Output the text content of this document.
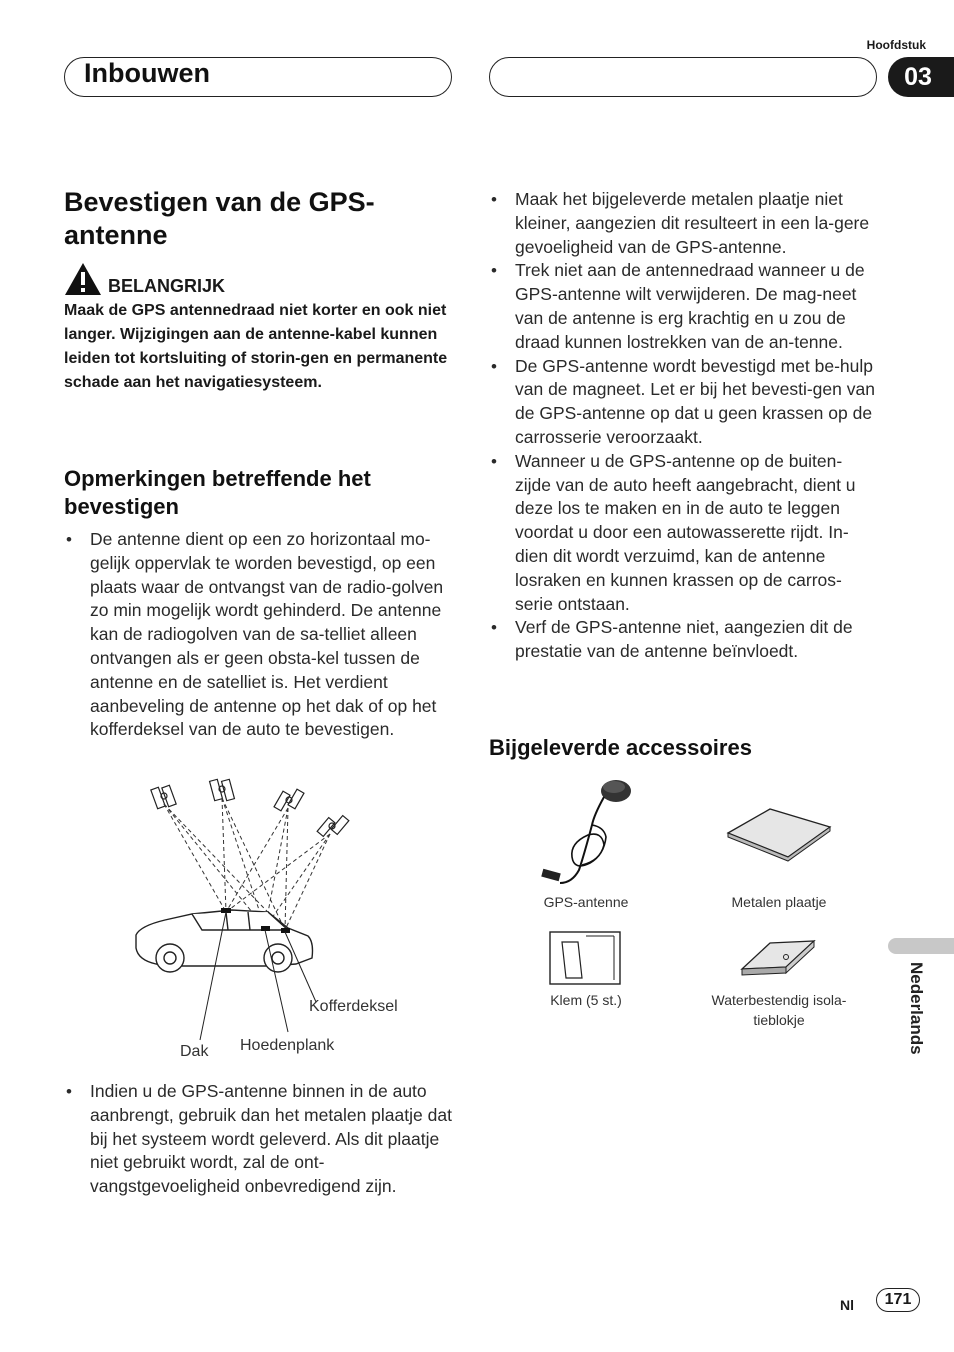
Inbouwen
Hoofdstuk
03
Bevestigen van de GPS-antenne
BELANGRIJK

Maak de GPS antennedraad niet korter en ook niet langer. Wijzigingen aan de antenne-kabel kunnen leiden tot kortsluiting of storin-gen en permanente schade aan het navigatiesysteem.

Opmerkingen betreffende het bevestigen
• De antenne dient op een zo horizontaal mo-gelijk oppervlak te worden bevestigd, op een plaats waar de ontvangst van de radio-golven zo min mogelijk wordt gehinderd. De antenne kan de radiogolven van de sa-telliet alleen ontvangen als er geen obsta-kel tussen de antenne en de satelliet is. Het verdient aanbeveling de antenne op het dak of op het kofferdeksel van de auto te bevestigen.
Kofferdeksel
Dak Hoedenplank
• Indien u de GPS-antenne binnen in de auto aanbrengt, gebruik dan het metalen plaatje dat bij het systeem wordt geleverd. Als dit plaatje niet gebruikt wordt, zal de ont-vangstgevoeligheid onbevredigend zijn.
• Maak het bijgeleverde metalen plaatje niet kleiner, aangezien dit resulteert in een la-gere gevoeligheid van de GPS-antenne.
• Trek niet aan de antennedraad wanneer u de GPS-antenne wilt verwijderen. De mag-neet van de antenne is erg krachtig en u zou de draad kunnen lostrekken van de an-tenne.
• De GPS-antenne wordt bevestigd met be-hulp van de magneet. Let er bij het bevesti-gen van de GPS-antenne op dat u geen krassen op de carrosserie veroorzaakt.
• Wanneer u de GPS-antenne op de buiten-zijde van de auto heeft aangebracht, dient u deze los te maken en in de auto te leggen voordat u door een autowasserette rijdt. In-dien dit wordt verzuimd, kan de antenne losraken en kunnen krassen op de carros-serie ontstaan.
• Verf de GPS-antenne niet, aangezien dit de prestatie van de antenne beïnvloedt.
Bijgeleverde accessoires
GPS-antenne	Metalen plaatje
Klem (5 st.)	Waterbestendig isola-tieblokje	Nederlands
Nl	171
